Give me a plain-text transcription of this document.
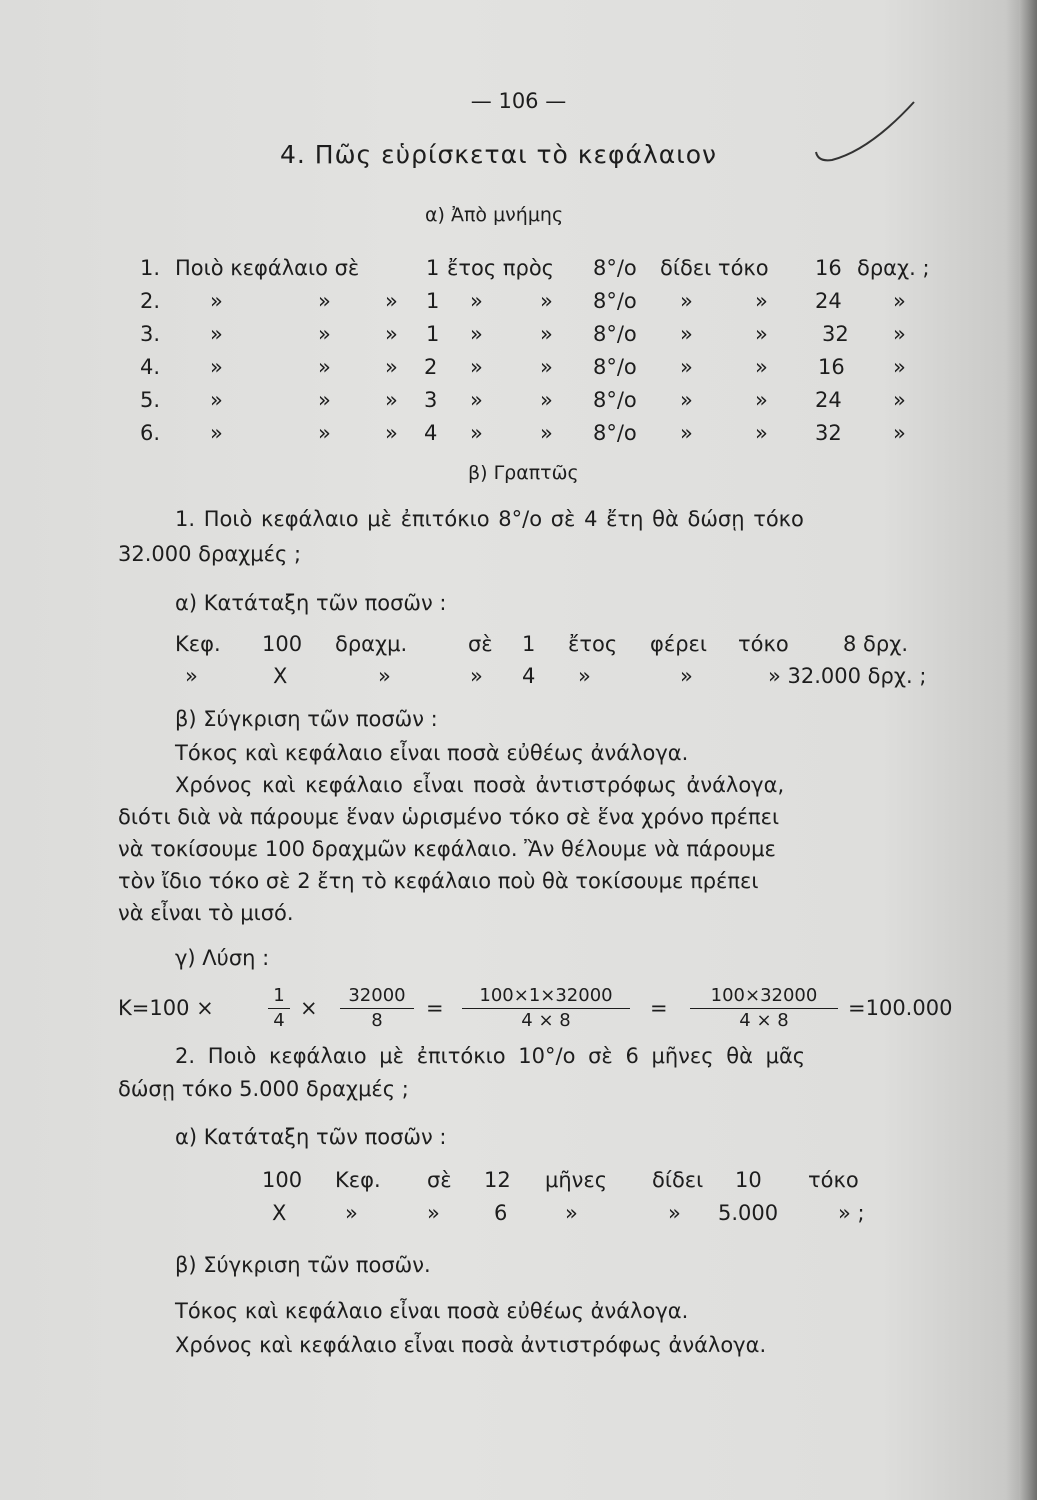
— 106 —
4. Πῶς εὑρίσκεται τὸ κεφάλαιον
α) Ἀπὸ μνήμης
1. Ποιὸ κεφάλαιο σὲ	1 ἔτος πρὸς 8°/o δίδει τόκο 16 δραχ. ;
2. »	»	» 1 »	» 8°/o »	» 24 »
3. »	»	» 1 »	» 8°/o »	»	32 »
4. »	»	» 2 »	» 8°/o »	» 16 »
5. »	»	» 3 »	» 8°/o »	» 24 »
6. »	»	» 4 »	» 8°/o »	» 32 »
β) Γραπτῶς
1. Ποιὸ κεφάλαιο μὲ ἐπιτόκιο 8°/o σὲ 4 ἔτη θὰ δώσῃ τόκο
32.000 δραχμές ;
α) Κατάταξη τῶν ποσῶν :
Κεφ. 100 δραχμ.	σὲ 1 ἔτος φέρει τόκο	8 δρχ.
»	Χ	»	» 4 »	»	» 32.000 δρχ. ;
β) Σύγκριση τῶν ποσῶν :
Τόκος καὶ κεφάλαιο εἶναι ποσὰ εὐθέως ἀνάλογα.
Χρόνος καὶ κεφάλαιο εἶναι ποσὰ ἀντιστρόφως ἀνάλογα,
διότι διὰ νὰ πάρουμε ἕναν ὡρισμένο τόκο σὲ ἕνα χρόνο πρέπει
νὰ τοκίσουμε 100 δραχμῶν κεφάλαιο. Ἂν θέλουμε νὰ πάρουμε
τὸν ἴδιο τόκο σὲ 2 ἔτη τὸ κεφάλαιο ποὺ θὰ τοκίσουμε πρέπει
νὰ εἶναι τὸ μισό.
γ) Λύση :
Κ=100 ×
1
4
×
32000
8
=
100×1×32000
4 × 8
=
100×32000
4 × 8
=100.000
2. Ποιὸ κεφάλαιο μὲ ἐπιτόκιο 10°/o σὲ 6 μῆνες θὰ μᾶς
δώσῃ τόκο 5.000 δραχμές ;
α) Κατάταξη τῶν ποσῶν :
100 Κεφ. σὲ 12 μῆνες δίδει 10 τόκο
Χ	»	»	6	»	» 5.000	» ;
β) Σύγκριση τῶν ποσῶν.
Τόκος καὶ κεφάλαιο εἶναι ποσὰ εὐθέως ἀνάλογα.
Χρόνος καὶ κεφάλαιο εἶναι ποσὰ ἀντιστρόφως ἀνάλογα.
